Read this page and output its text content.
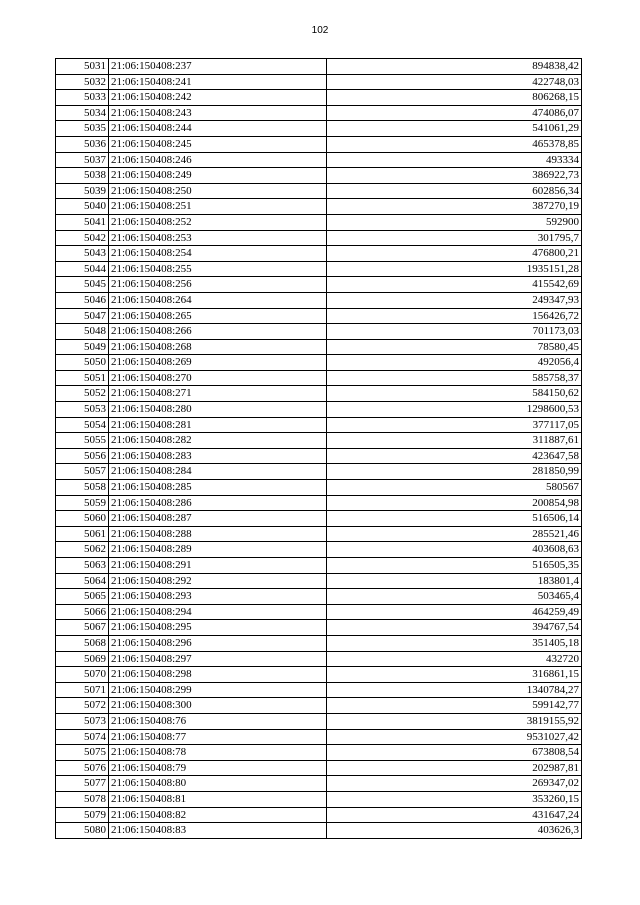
102
5031	21:06:150408:237	894838,42
5032	21:06:150408:241	422748,03
5033	21:06:150408:242	806268,15
5034	21:06:150408:243	474086,07
5035	21:06:150408:244	541061,29
5036	21:06:150408:245	465378,85
5037	21:06:150408:246	493334
5038	21:06:150408:249	386922,73
5039	21:06:150408:250	602856,34
5040	21:06:150408:251	387270,19
5041	21:06:150408:252	592900
5042	21:06:150408:253	301795,7
5043	21:06:150408:254	476800,21
5044	21:06:150408:255	1935151,28
5045	21:06:150408:256	415542,69
5046	21:06:150408:264	249347,93
5047	21:06:150408:265	156426,72
5048	21:06:150408:266	701173,03
5049	21:06:150408:268	78580,45
5050	21:06:150408:269	492056,4
5051	21:06:150408:270	585758,37
5052	21:06:150408:271	584150,62
5053	21:06:150408:280	1298600,53
5054	21:06:150408:281	377117,05
5055	21:06:150408:282	311887,61
5056	21:06:150408:283	423647,58
5057	21:06:150408:284	281850,99
5058	21:06:150408:285	580567
5059	21:06:150408:286	200854,98
5060	21:06:150408:287	516506,14
5061	21:06:150408:288	285521,46
5062	21:06:150408:289	403608,63
5063	21:06:150408:291	516505,35
5064	21:06:150408:292	183801,4
5065	21:06:150408:293	503465,4
5066	21:06:150408:294	464259,49
5067	21:06:150408:295	394767,54
5068	21:06:150408:296	351405,18
5069	21:06:150408:297	432720
5070	21:06:150408:298	316861,15
5071	21:06:150408:299	1340784,27
5072	21:06:150408:300	599142,77
5073	21:06:150408:76	3819155,92
5074	21:06:150408:77	9531027,42
5075	21:06:150408:78	673808,54
5076	21:06:150408:79	202987,81
5077	21:06:150408:80	269347,02
5078	21:06:150408:81	353260,15
5079	21:06:150408:82	431647,24
5080	21:06:150408:83	403626,3
